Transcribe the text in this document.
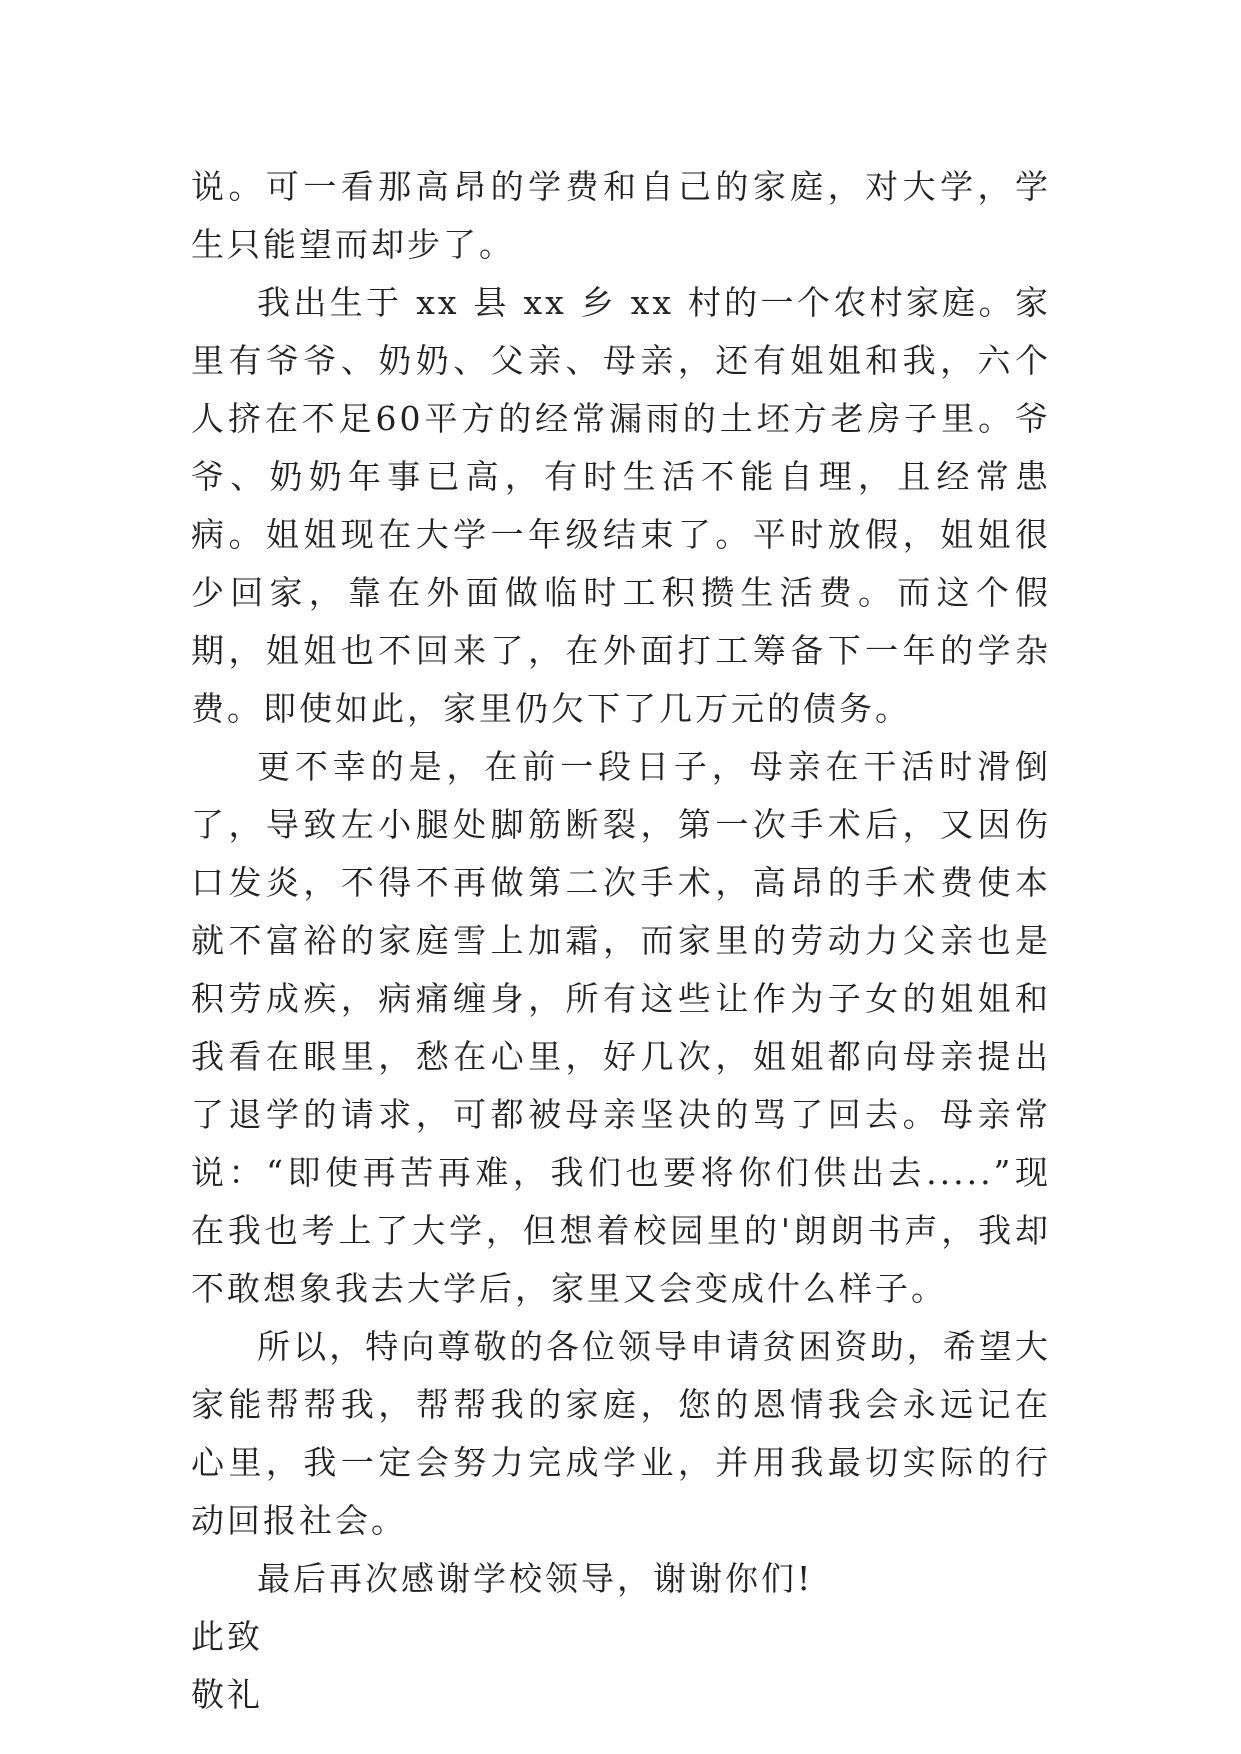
说。可一看那高昂的学费和自己的家庭，对大学，学生只能望而却步了。

我出生于 xx 县 xx 乡 xx 村的一个农村家庭。家里有爷爷、奶奶、父亲、母亲，还有姐姐和我，六个人挤在不足60平方的经常漏雨的土坯方老房子里。爷爷、奶奶年事已高，有时生活不能自理，且经常患病。姐姐现在大学一年级结束了。平时放假，姐姐很少回家，靠在外面做临时工积攒生活费。而这个假期，姐姐也不回来了，在外面打工筹备下一年的学杂费。即使如此，家里仍欠下了几万元的债务。

更不幸的是，在前一段日子，母亲在干活时滑倒了，导致左小腿处脚筋断裂，第一次手术后，又因伤口发炎，不得不再做第二次手术，高昂的手术费使本就不富裕的家庭雪上加霜，而家里的劳动力父亲也是积劳成疾，病痛缠身，所有这些让作为子女的姐姐和我看在眼里，愁在心里，好几次，姐姐都向母亲提出了退学的请求，可都被母亲坚决的骂了回去。母亲常说：“即使再苦再难，我们也要将你们供出去.....”现在我也考上了大学，但想着校园里的'朗朗书声，我却不敢想象我去大学后，家里又会变成什么样子。

所以，特向尊敬的各位领导申请贫困资助，希望大家能帮帮我，帮帮我的家庭，您的恩情我会永远记在心里，我一定会努力完成学业，并用我最切实际的行动回报社会。

最后再次感谢学校领导，谢谢你们!

此致

敬礼
